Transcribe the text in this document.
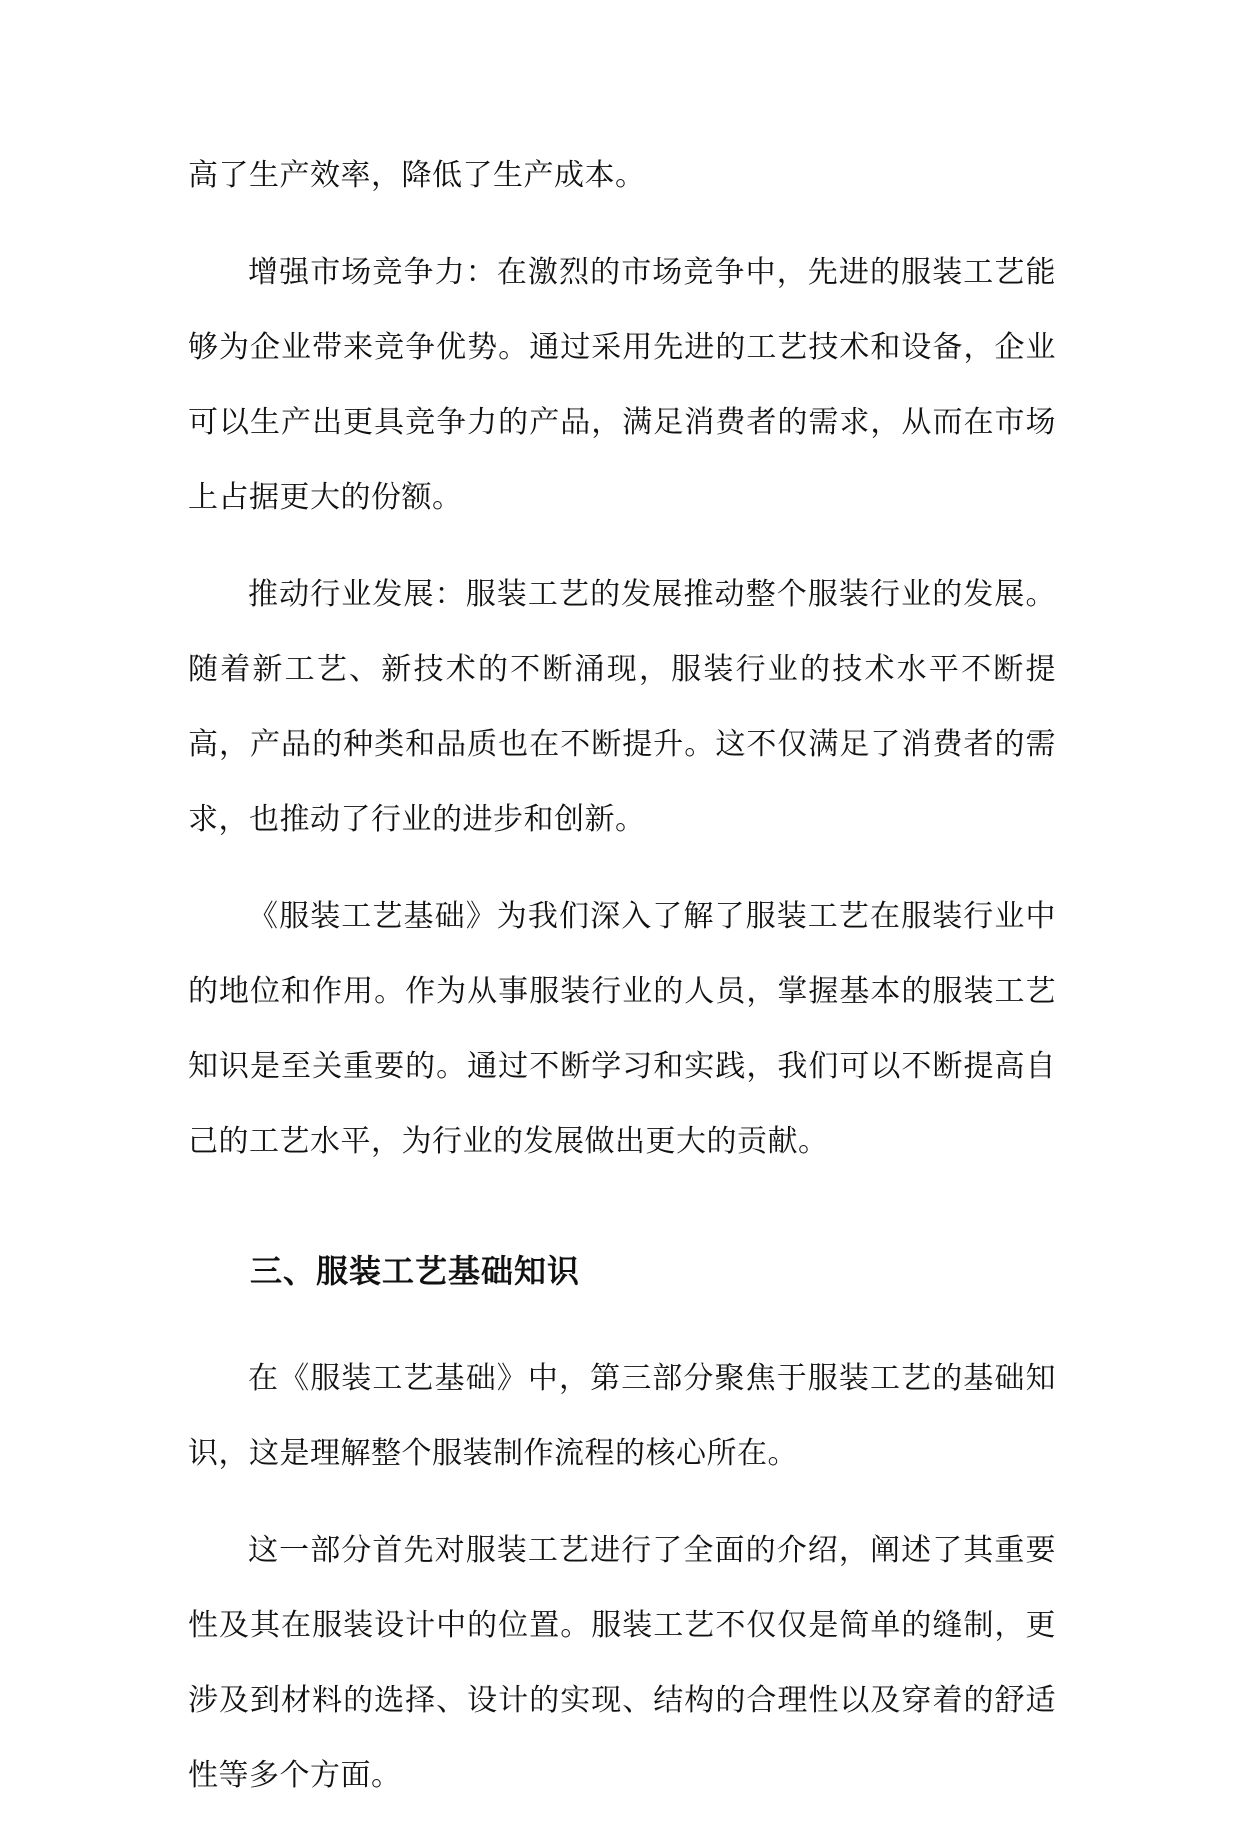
高了生产效率，降低了生产成本。

增强市场竞争力：在激烈的市场竞争中，先进的服装工艺能够为企业带来竞争优势。通过采用先进的工艺技术和设备，企业可以生产出更具竞争力的产品，满足消费者的需求，从而在市场上占据更大的份额。

推动行业发展：服装工艺的发展推动整个服装行业的发展。随着新工艺、新技术的不断涌现，服装行业的技术水平不断提高，产品的种类和品质也在不断提升。这不仅满足了消费者的需求，也推动了行业的进步和创新。

《服装工艺基础》为我们深入了解了服装工艺在服装行业中的地位和作用。作为从事服装行业的人员，掌握基本的服装工艺知识是至关重要的。通过不断学习和实践，我们可以不断提高自己的工艺水平，为行业的发展做出更大的贡献。

三、服装工艺基础知识

在《服装工艺基础》中，第三部分聚焦于服装工艺的基础知识，这是理解整个服装制作流程的核心所在。

这一部分首先对服装工艺进行了全面的介绍，阐述了其重要性及其在服装设计中的位置。服装工艺不仅仅是简单的缝制，更涉及到材料的选择、设计的实现、结构的合理性以及穿着的舒适性等多个方面。
